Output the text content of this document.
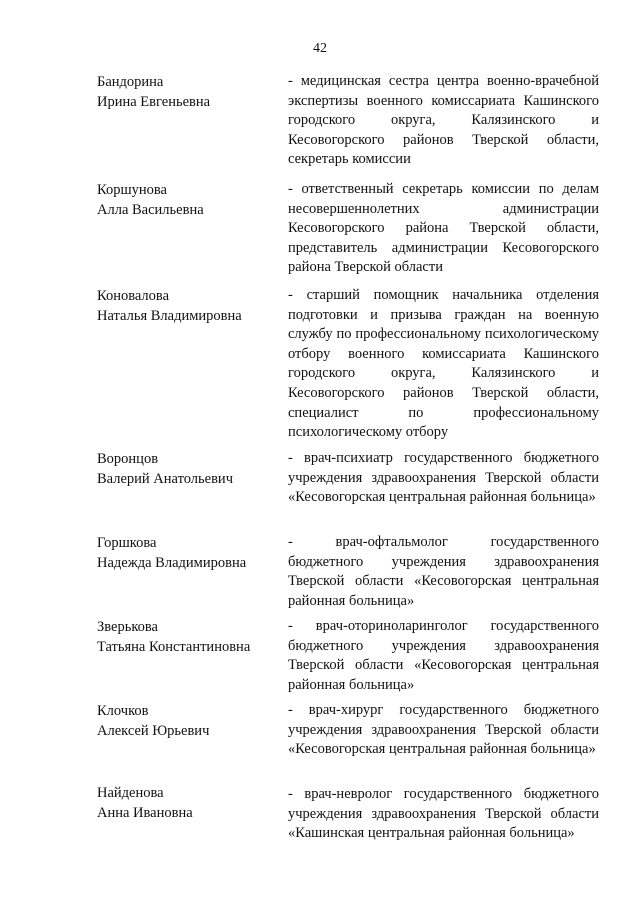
42
Бандорина
Ирина Евгеньевна
- медицинская сестра центра военно-врачебной экспертизы военного комиссариата Кашинского городского округа, Калязинского и Кесовогорского районов Тверской области, секретарь комиссии
Коршунова
Алла Васильевна
- ответственный секретарь комиссии по делам несовершеннолетних администрации Кесовогорского района Тверской области, представитель администрации Кесовогорского района Тверской области
Коновалова
Наталья Владимировна
- старший помощник начальника отделения подготовки и призыва граждан на военную службу по профессиональному психологическому отбору военного комиссариата Кашинского городского округа, Калязинского и Кесовогорского районов Тверской области, специалист по профессиональному психологическому отбору
Воронцов
Валерий Анатольевич
- врач-психиатр государственного бюджетного учреждения здравоохранения Тверской области «Кесовогорская центральная районная больница»
Горшкова
Надежда Владимировна
- врач-офтальмолог государственного бюджетного учреждения здравоохранения Тверской области «Кесовогорская центральная районная больница»
Зверькова
Татьяна Константиновна
- врач-оториноларинголог государственного бюджетного учреждения здравоохранения Тверской области «Кесовогорская центральная районная больница»
Клочков
Алексей Юрьевич
- врач-хирург государственного бюджетного учреждения здравоохранения Тверской области «Кесовогорская центральная районная больница»
Найденова
Анна Ивановна
- врач-невролог государственного бюджетного учреждения здравоохранения Тверской области «Кашинская центральная районная больница»
